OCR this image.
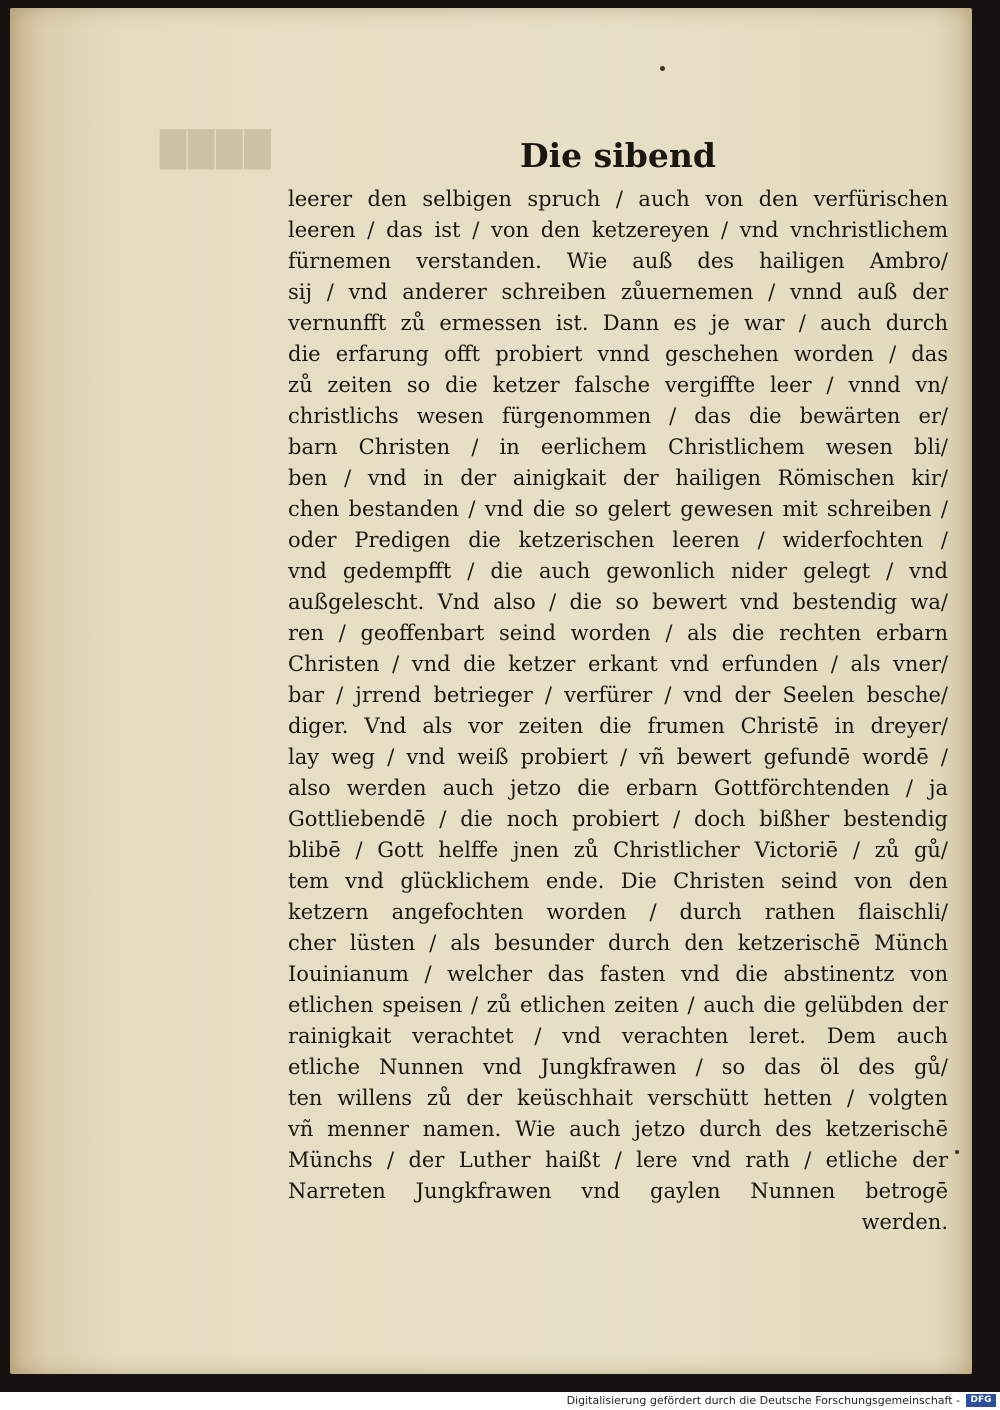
████	Die sibend
leerer den selbigen spruch / auch von den verfürischen
leeren / das ist / von den ketzereyen / vnd vnchristlichem
fürnemen verstanden. Wie auß des hailigen Ambro/
sij / vnd anderer schreiben zůuernemen / vnnd auß der
vernunfft zů ermessen ist. Dann es je war / auch durch
die erfarung offt probiert vnnd geschehen worden / das
zů zeiten so die ketzer falsche vergiffte leer / vnnd vn/
christlichs wesen fürgenommen / das die bewärten er/
barn Christen / in eerlichem Christlichem wesen bli/
ben / vnd in der ainigkait der hailigen Römischen kir/
chen bestanden / vnd die so gelert gewesen mit schreiben /
oder Predigen die ketzerischen leeren / widerfochten /
vnd gedempfft / die auch gewonlich nider gelegt / vnd
außgelescht. Vnd also / die so bewert vnd bestendig wa/
ren / geoffenbart seind worden / als die rechten erbarn
Christen / vnd die ketzer erkant vnd erfunden / als vner/
bar / jrrend betrieger / verfürer / vnd der Seelen besche/
diger. Vnd als vor zeiten die frumen Christē in dreyer/
lay weg / vnd weiß probiert / vñ bewert gefundē wordē /
also werden auch jetzo die erbarn Gottförchtenden / ja
Gottliebendē / die noch probiert / doch bißher bestendig
blibē / Gott helffe jnen zů Christlicher Victoriē / zů gů/
tem vnd glücklichem ende. Die Christen seind von den
ketzern angefochten worden / durch rathen flaischli/
cher lüsten / als besunder durch den ketzerischē Münch
Iouinianum / welcher das fasten vnd die abstinentz von
etlichen speisen / zů etlichen zeiten / auch die gelübden der
rainigkait verachtet / vnd verachten leret. Dem auch
etliche Nunnen vnd Jungkfrawen / so das öl des gů/
ten willens zů der keüschhait verschütt hetten / volgten
vñ menner namen. Wie auch jetzo durch des ketzerischē
Münchs / der Luther haißt / lere vnd rath / etliche der
Narreten Jungkfrawen vnd gaylen Nunnen betrogē
werden.
Digitalisierung gefördert durch die Deutsche Forschungsgemeinschaft -	DFG
